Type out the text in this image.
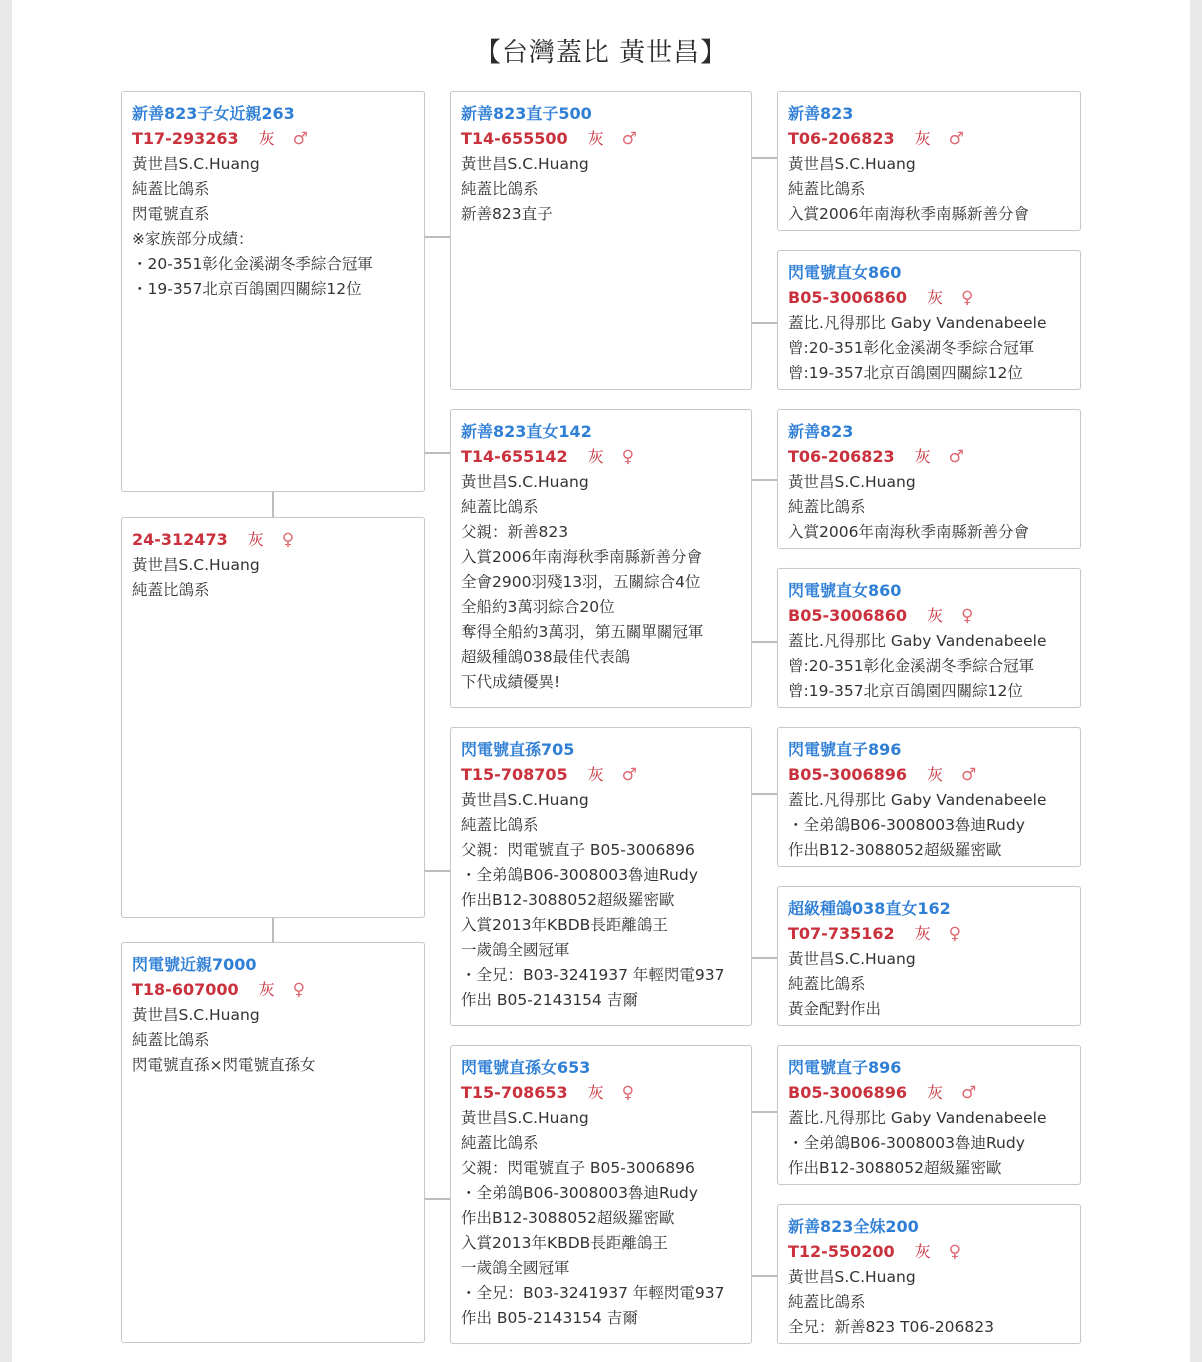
【台灣蓋比 黃世昌】
新善823子女近親263
T17-293263 灰 ♂
黃世昌S.C.Huang
純蓋比鴿系
閃電號直系
※家族部分成績：
・20-351彰化金溪湖冬季綜合冠軍
・19-357北京百鴿園四關綜12位
24-312473 灰 ♀
黃世昌S.C.Huang
純蓋比鴿系
閃電號近親7000
T18-607000 灰 ♀
黃世昌S.C.Huang
純蓋比鴿系
閃電號直孫×閃電號直孫女
新善823直子500
T14-655500 灰 ♂
黃世昌S.C.Huang
純蓋比鴿系
新善823直子
新善823直女142
T14-655142 灰 ♀
黃世昌S.C.Huang
純蓋比鴿系
父親：新善823
入賞2006年南海秋季南縣新善分會
全會2900羽殘13羽，五關綜合4位
全船約3萬羽綜合20位
奪得全船約3萬羽，第五關單關冠軍
超級種鴿038最佳代表鴿
下代成績優異!
閃電號直孫705
T15-708705 灰 ♂
黃世昌S.C.Huang
純蓋比鴿系
父親：閃電號直子 B05-3006896
・全弟鴿B06-3008003魯迪Rudy
作出B12-3088052超級羅密歐
入賞2013年KBDB長距離鴿王
一歲鴿全國冠軍
・全兄：B03-3241937 年輕閃電937
作出 B05-2143154 吉爾
閃電號直孫女653
T15-708653 灰 ♀
黃世昌S.C.Huang
純蓋比鴿系
父親：閃電號直子 B05-3006896
・全弟鴿B06-3008003魯迪Rudy
作出B12-3088052超級羅密歐
入賞2013年KBDB長距離鴿王
一歲鴿全國冠軍
・全兄：B03-3241937 年輕閃電937
作出 B05-2143154 吉爾
新善823
T06-206823 灰 ♂
黃世昌S.C.Huang
純蓋比鴿系
入賞2006年南海秋季南縣新善分會
閃電號直女860
B05-3006860 灰 ♀
蓋比.凡得那比 Gaby Vandenabeele
曾:20-351彰化金溪湖冬季綜合冠軍
曾:19-357北京百鴿園四關綜12位
新善823
T06-206823 灰 ♂
黃世昌S.C.Huang
純蓋比鴿系
入賞2006年南海秋季南縣新善分會
閃電號直女860
B05-3006860 灰 ♀
蓋比.凡得那比 Gaby Vandenabeele
曾:20-351彰化金溪湖冬季綜合冠軍
曾:19-357北京百鴿園四關綜12位
閃電號直子896
B05-3006896 灰 ♂
蓋比.凡得那比 Gaby Vandenabeele
・全弟鴿B06-3008003魯迪Rudy
作出B12-3088052超級羅密歐
超級種鴿038直女162
T07-735162 灰 ♀
黃世昌S.C.Huang
純蓋比鴿系
黃金配對作出
閃電號直子896
B05-3006896 灰 ♂
蓋比.凡得那比 Gaby Vandenabeele
・全弟鴿B06-3008003魯迪Rudy
作出B12-3088052超級羅密歐
新善823全妹200
T12-550200 灰 ♀
黃世昌S.C.Huang
純蓋比鴿系
全兄：新善823 T06-206823
